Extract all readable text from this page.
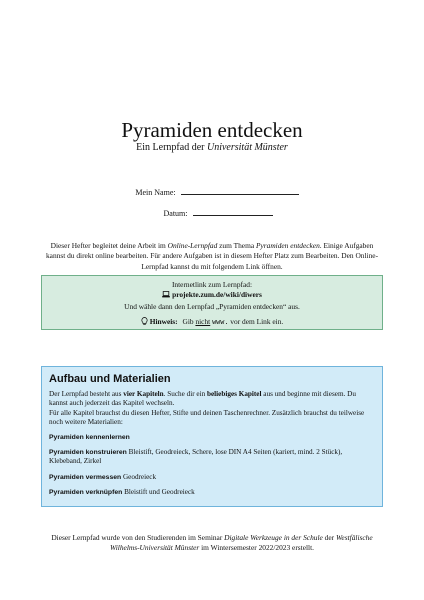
Pyramiden entdecken
Ein Lernpfad der Universität Münster
Mein Name:
Datum:
Dieser Hefter begleitet deine Arbeit im Online-Lernpfad zum Thema Pyramiden entdecken. Einige Aufgaben kannst du direkt online bearbeiten. Für andere Aufgaben ist in diesem Hefter Platz zum Bearbeiten. Den Online-Lernpfad kannst du mit folgendem Link öffnen.
Internetlink zum Lernpfad:
projekte.zum.de/wiki/diwers
Und wähle dann den Lernpfad „Pyramiden entdecken“ aus.
Hinweis: Gib nicht www. vor dem Link ein.
Aufbau und Materialien
Der Lernpfad besteht aus vier Kapiteln. Suche dir ein beliebiges Kapitel aus und beginne mit diesem. Du kannst auch jederzeit das Kapitel wechseln.
Für alle Kapitel brauchst du diesen Hefter, Stifte und deinen Taschenrechner. Zusätzlich brauchst du teilweise noch weitere Materialien:
Pyramiden kennenlernen
Pyramiden konstruieren Bleistift, Geodreieck, Schere, lose DIN A4 Seiten (kariert, mind. 2 Stück), Klebeband, Zirkel
Pyramiden vermessen Geodreieck
Pyramiden verknüpfen Bleistift und Geodreieck
Dieser Lernpfad wurde von den Studierenden im Seminar Digitale Werkzeuge in der Schule der Westfälische Wilhelms-Universität Münster im Wintersemester 2022/2023 erstellt.
